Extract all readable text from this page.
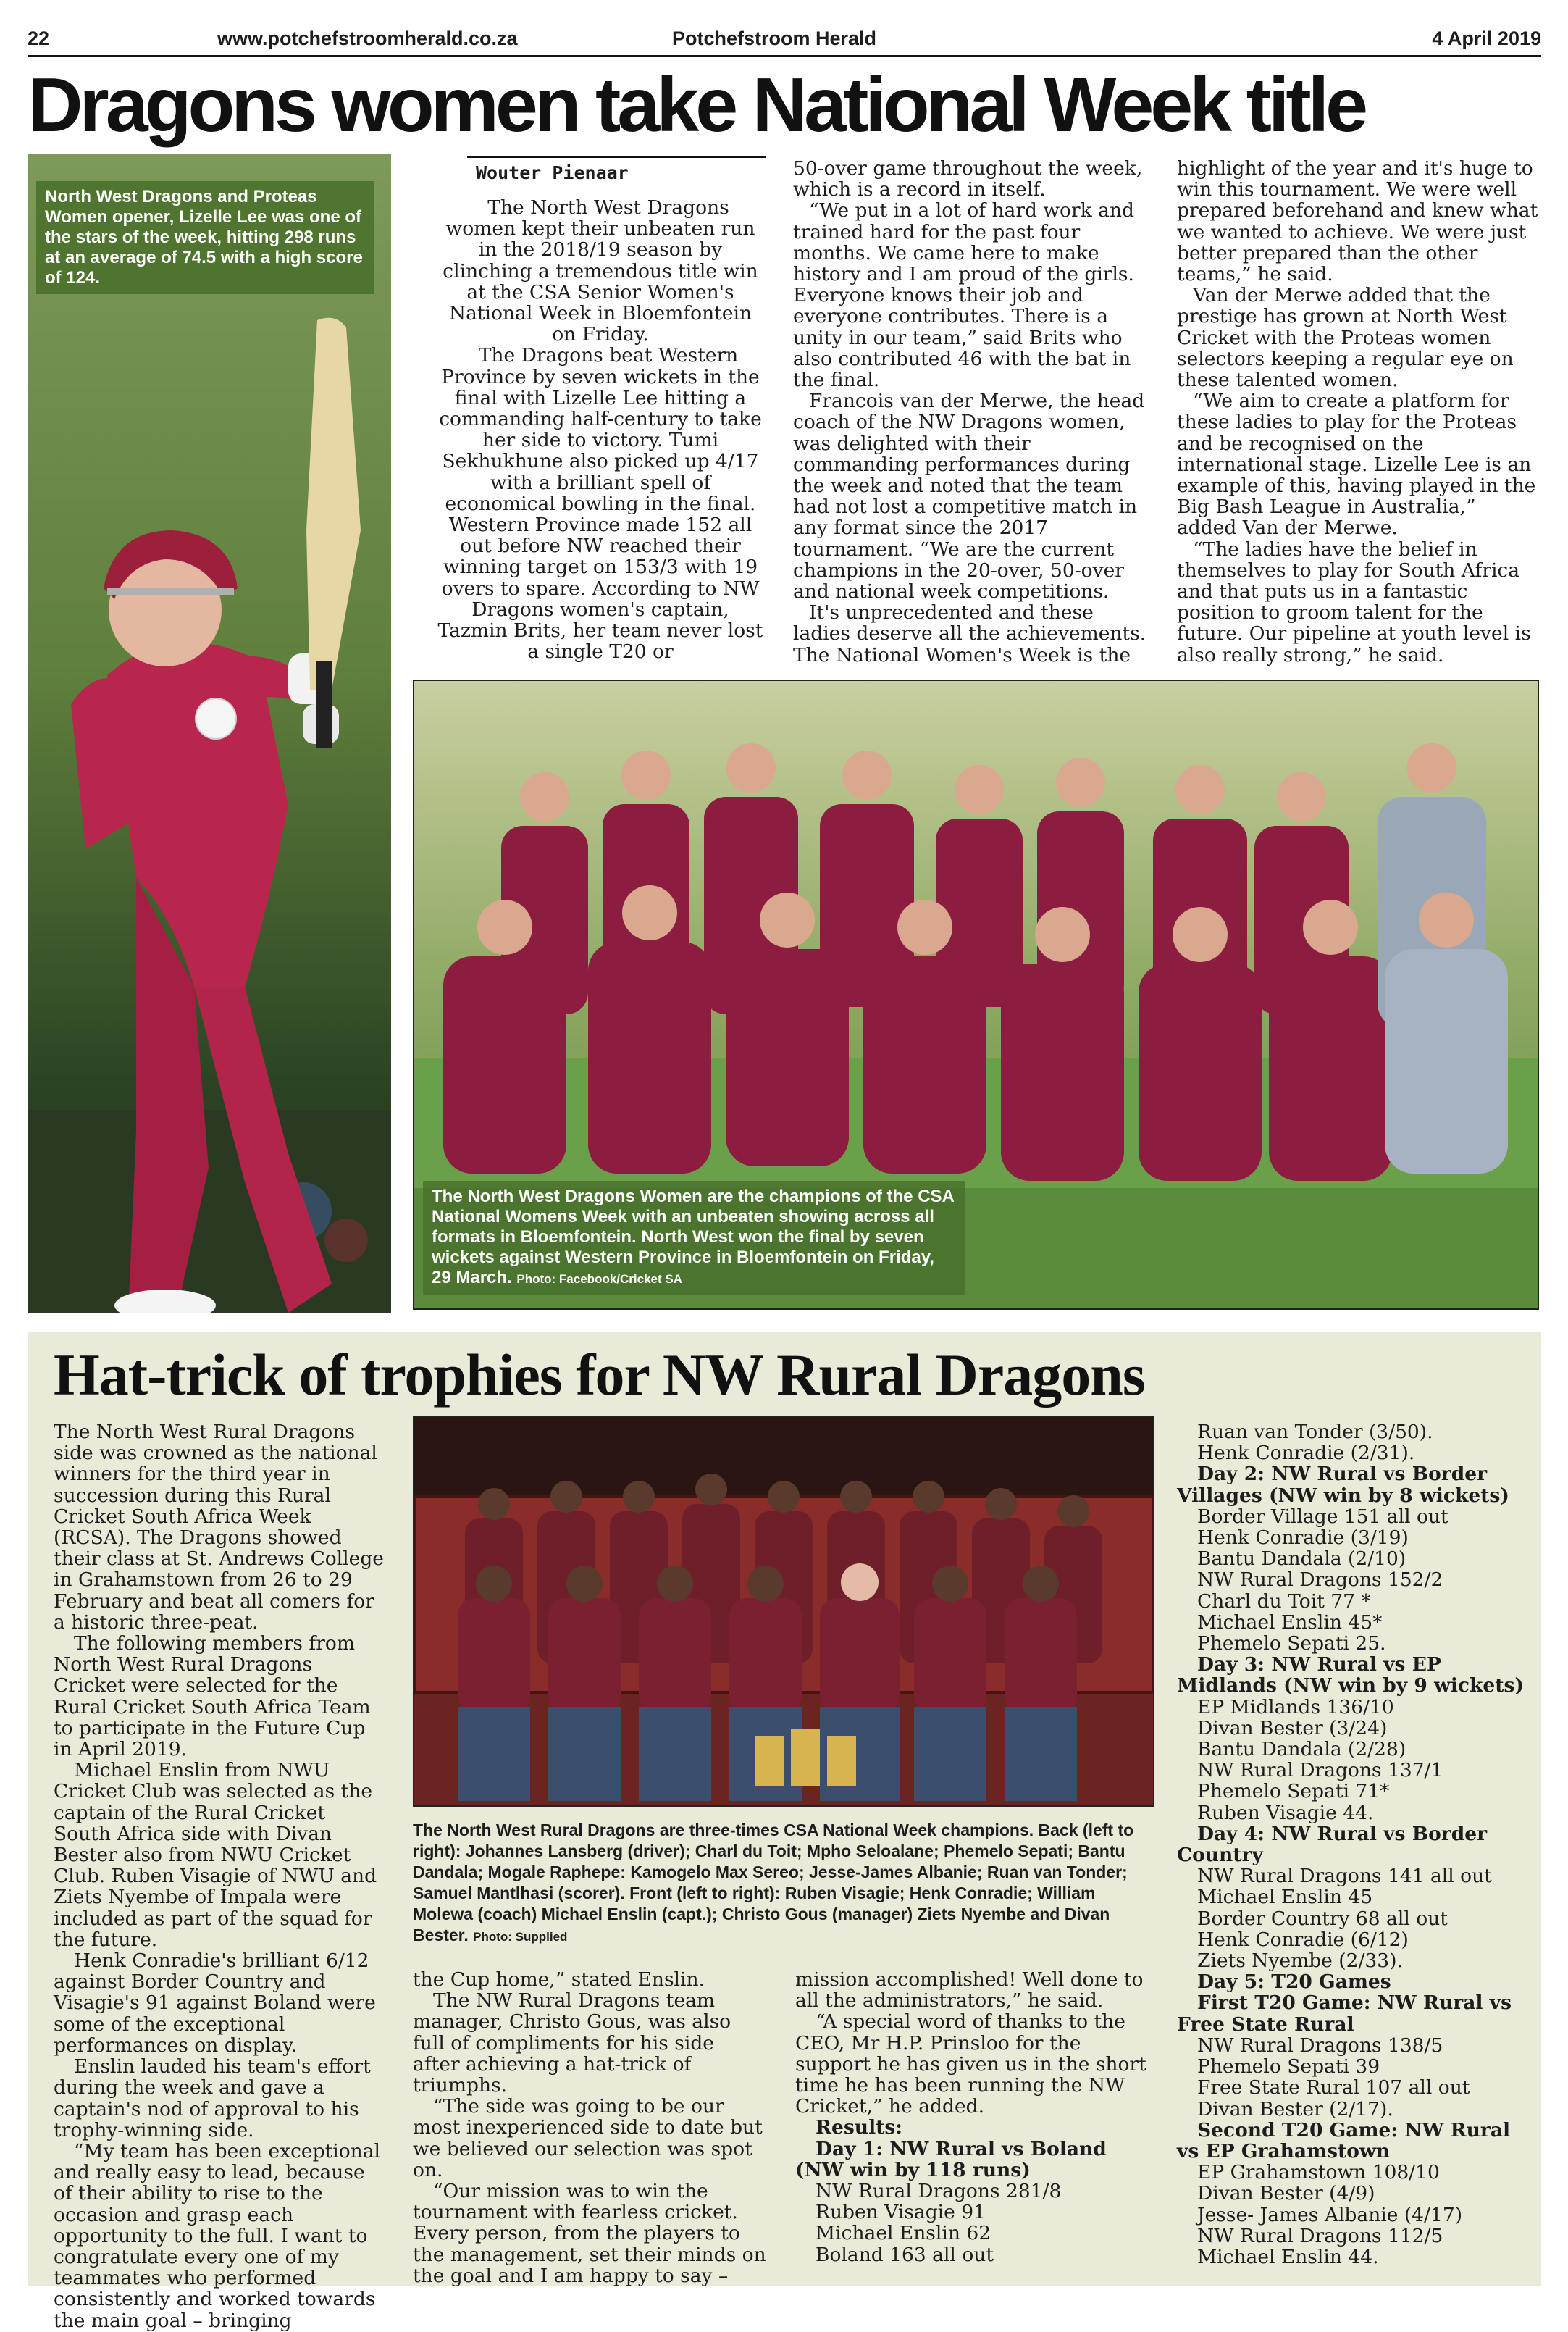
22	www.potchefstroomherald.co.za	Potchefstroom Herald	4 April 2019
Dragons women take National Week title
North West Dragons and Proteas Women opener, Lizelle Lee was one of the stars of the week, hitting 298 runs at an average of 74.5 with a high score of 124.
Wouter Pienaar

The North West Dragons women kept their unbeaten run in the 2018/19 season by clinching a tremendous title win at the CSA Senior Women's National Week in Bloemfontein on Friday.

The Dragons beat Western Province by seven wickets in the final with Lizelle Lee hitting a commanding half-century to take her side to victory. Tumi Sekhukhune also picked up 4/17 with a brilliant spell of economical bowling in the final. Western Province made 152 all out before NW reached their winning target on 153/3 with 19 overs to spare. According to NW Dragons women's captain, Tazmin Brits, her team never lost a single T20 or

50-over game throughout the week, which is a record in itself.

“We put in a lot of hard work and trained hard for the past four months. We came here to make history and I am proud of the girls. Everyone knows their job and everyone contributes. There is a unity in our team,” said Brits who also contributed 46 with the bat in the final.

Francois van der Merwe, the head coach of the NW Dragons women, was delighted with their commanding performances during the week and noted that the team had not lost a competitive match in any format since the 2017 tournament. “We are the current champions in the 20-over, 50-over and national week competitions.

It's unprecedented and these ladies deserve all the achievements. The National Women's Week is the

highlight of the year and it's huge to win this tournament. We were well prepared beforehand and knew what we wanted to achieve. We were just better prepared than the other teams,” he said.

Van der Merwe added that the prestige has grown at North West Cricket with the Proteas women selectors keeping a regular eye on these talented women.

“We aim to create a platform for these ladies to play for the Proteas and be recognised on the international stage. Lizelle Lee is an example of this, having played in the Big Bash League in Australia,” added Van der Merwe.

“The ladies have the belief in themselves to play for South Africa and that puts us in a fantastic position to groom talent for the future. Our pipeline at youth level is also really strong,” he said.

The North West Dragons Women are the champions of the CSA National Womens Week with an unbeaten showing across all formats in Bloemfontein. North West won the final by seven wickets against Western Province in Bloemfontein on Friday, 29 March. Photo: Facebook/Cricket SA
Hat-trick of trophies for NW Rural Dragons

The North West Rural Dragons side was crowned as the national winners for the third year in succession during this Rural Cricket South Africa Week (RCSA). The Dragons showed their class at St. Andrews College in Grahamstown from 26 to 29 February and beat all comers for a historic three-peat.

The following members from North West Rural Dragons Cricket were selected for the Rural Cricket South Africa Team to participate in the Future Cup in April 2019.

Michael Enslin from NWU Cricket Club was selected as the captain of the Rural Cricket South Africa side with Divan Bester also from NWU Cricket Club. Ruben Visagie of NWU and Ziets Nyembe of Impala were included as part of the squad for the future.

Henk Conradie's brilliant 6/12 against Border Country and Visagie's 91 against Boland were some of the exceptional performances on display.

Enslin lauded his team's effort during the week and gave a captain's nod of approval to his trophy-winning side.

“My team has been exceptional and really easy to lead, because of their ability to rise to the occasion and grasp each opportunity to the full. I want to congratulate every one of my teammates who performed consistently and worked towards the main goal – bringing

The North West Rural Dragons are three-times CSA National Week champions. Back (left to right): Johannes Lansberg (driver); Charl du Toit; Mpho Seloalane; Phemelo Sepati; Bantu Dandala; Mogale Raphepe: Kamogelo Max Sereo; Jesse-James Albanie; Ruan van Tonder; Samuel Mantlhasi (scorer). Front (left to right): Ruben Visagie; Henk Conradie; William Molewa (coach) Michael Enslin (capt.); Christo Gous (manager) Ziets Nyembe and Divan Bester. Photo: Supplied

the Cup home,” stated Enslin.

The NW Rural Dragons team manager, Christo Gous, was also full of compliments for his side after achieving a hat-trick of triumphs.

“The side was going to be our most inexperienced side to date but we believed our selection was spot on.

“Our mission was to win the tournament with fearless cricket. Every person, from the players to the management, set their minds on the goal and I am happy to say –

mission accomplished! Well done to all the administrators,” he said.

“A special word of thanks to the CEO, Mr H.P. Prinsloo for the support he has given us in the short time he has been running the NW Cricket,” he added.

Results:

Day 1: NW Rural vs Boland (NW win by 118 runs)

NW Rural Dragons 281/8

Ruben Visagie 91

Michael Enslin 62

Boland 163 all out

Ruan van Tonder (3/50).

Henk Conradie (2/31).

Day 2: NW Rural vs Border Villages (NW win by 8 wickets)

Border Village 151 all out

Henk Conradie (3/19)

Bantu Dandala (2/10)

NW Rural Dragons 152/2

Charl du Toit 77 *

Michael Enslin 45*

Phemelo Sepati 25.

Day 3: NW Rural vs EP Midlands (NW win by 9 wickets)

EP Midlands 136/10

Divan Bester (3/24)

Bantu Dandala (2/28)

NW Rural Dragons 137/1

Phemelo Sepati 71*

Ruben Visagie 44.

Day 4: NW Rural vs Border Country

NW Rural Dragons 141 all out

Michael Enslin 45

Border Country 68 all out

Henk Conradie (6/12)

Ziets Nyembe (2/33).

Day 5: T20 Games

First T20 Game: NW Rural vs Free State Rural

NW Rural Dragons 138/5

Phemelo Sepati 39

Free State Rural 107 all out

Divan Bester (2/17).

Second T20 Game: NW Rural vs EP Grahamstown

EP Grahamstown 108/10

Divan Bester (4/9)

Jesse- James Albanie (4/17)

NW Rural Dragons 112/5

Michael Enslin 44.
